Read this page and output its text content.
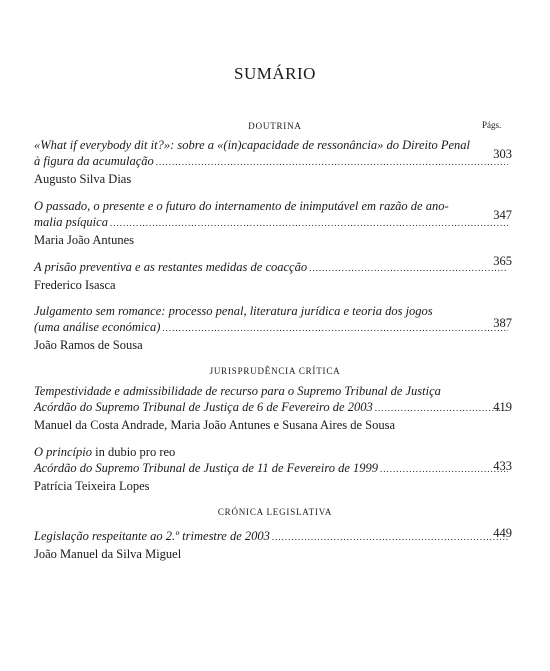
SUMÁRIO
DOUTRINA	Págs.
«What if everybody dit it?»: sobre a «(in)capacidade de ressonância» do Direito Penal
à figura da acumulação
.....
Augusto Silva Dias
303
O passado, o presente e o futuro do internamento de inimputável em razão de ano-
malia psíquica
.....
Maria João Antunes
347
A prisão preventiva e as restantes medidas de coacção
.....
Frederico Isasca
365
Julgamento sem romance: processo penal, literatura jurídica e teoria dos jogos
(uma análise económica)
.....
João Ramos de Sousa
387
JURISPRUDÊNCIA CRÍTICA
Tempestividade e admissibilidade de recurso para o Supremo Tribunal de Justiça
Acórdão do Supremo Tribunal de Justiça de 6 de Fevereiro de 2003
.....
Manuel da Costa Andrade, Maria João Antunes e Susana Aires de Sousa
419
O princípio in dubio pro reo
Acórdão do Supremo Tribunal de Justiça de 11 de Fevereiro de 1999
.....
Patrícia Teixeira Lopes
433
CRÓNICA LEGISLATIVA
Legislação respeitante ao 2.º trimestre de 2003
.....
João Manuel da Silva Miguel
449
